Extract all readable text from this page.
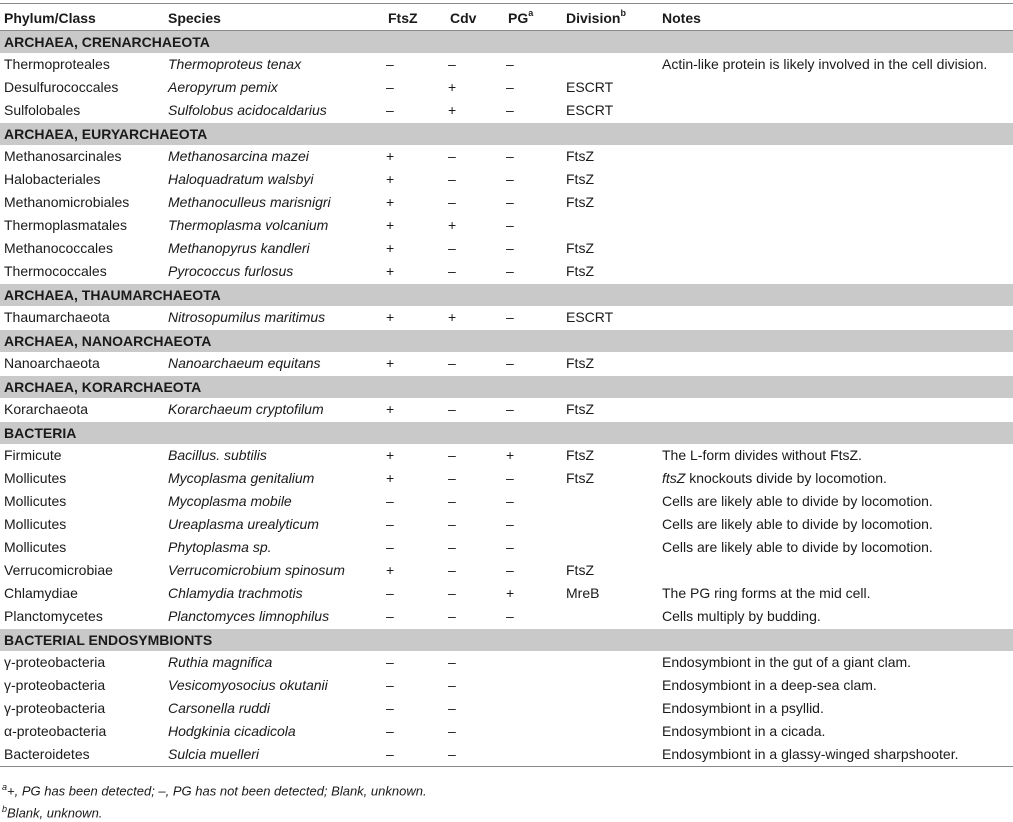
Phylum/Class	Species	FtsZ	Cdv	$PG^a$	Division$^b$	Notes
ARCHAEA, CRENARCHAEOTA						
Thermoproteales	Thermoproteus tenax	–	–	–		Actin-like protein is likely involved in the cell division.
Desulfurococcales	Aeropyrum pemix	–	+	–	ESCRT	
Sulfolobales	Sulfolobus acidocaldarius	–	+	–	ESCRT	
ARCHAEA, EURYARCHAEOTA						
Methanosarcinales	Methanosarcina mazei	+	–	–	FtsZ	
Halobacteriales	Haloquadratum walsbyi	+	–	–	FtsZ	
Methanomicrobiales	Methanoculleus marisnigri	+	–	–	FtsZ	
Thermoplasmatales	Thermoplasma volcanium	+	+	–		
Methanococcales	Methanopyrus kandleri	+	–	–	FtsZ	
Thermococcales	Pyrococcus furlosus	+	–	–	FtsZ	
ARCHAEA, THAUMARCHAEOTA						
Thaumarchaeota	Nitrosopumilus maritimus	+	+	–	ESCRT	
ARCHAEA, NANOARCHAEOTA						
Nanoarchaeota	Nanoarchaeum equitans	+	–	–	FtsZ	
ARCHAEA, KORARCHAEOTA						
Korarchaeota	Korarchaeum cryptofilum	+	–	–	FtsZ	
BACTERIA						
Firmicute	Bacillus. subtilis	+	–	+	FtsZ	The L-form divides without FtsZ.
Mollicutes	Mycoplasma genitalium	+	–	–	FtsZ	ftsZ knockouts divide by locomotion.
Mollicutes	Mycoplasma mobile	–	–	–		Cells are likely able to divide by locomotion.
Mollicutes	Ureaplasma urealyticum	–	–	–		Cells are likely able to divide by locomotion.
Mollicutes	Phytoplasma sp.	–	–	–		Cells are likely able to divide by locomotion.
Verrucomicrobiae	Verrucomicrobium spinosum	+	–	–	FtsZ	
Chlamydiae	Chlamydia trachmotis	–	–	+	MreB	The PG ring forms at the mid cell.
Planctomycetes	Planctomyces limnophilus	–	–	–		Cells multiply by budding.
BACTERIAL ENDOSYMBIONTS						
γ-proteobacteria	Ruthia magnifica	–	–			Endosymbiont in the gut of a giant clam.
γ-proteobacteria	Vesicomyosocius okutanii	–	–			Endosymbiont in a deep-sea clam.
γ-proteobacteria	Carsonella ruddi	–	–			Endosymbiont in a psyllid.
α-proteobacteria	Hodgkinia cicadicola	–	–			Endosymbiont in a cicada.
Bacteroidetes	Sulcia muelleri	–	–			Endosymbiont in a glassy-winged sharpshooter.
$^a$+, PG has been detected; –, PG has not been detected; Blank, unknown.
$^b$Blank, unknown.
